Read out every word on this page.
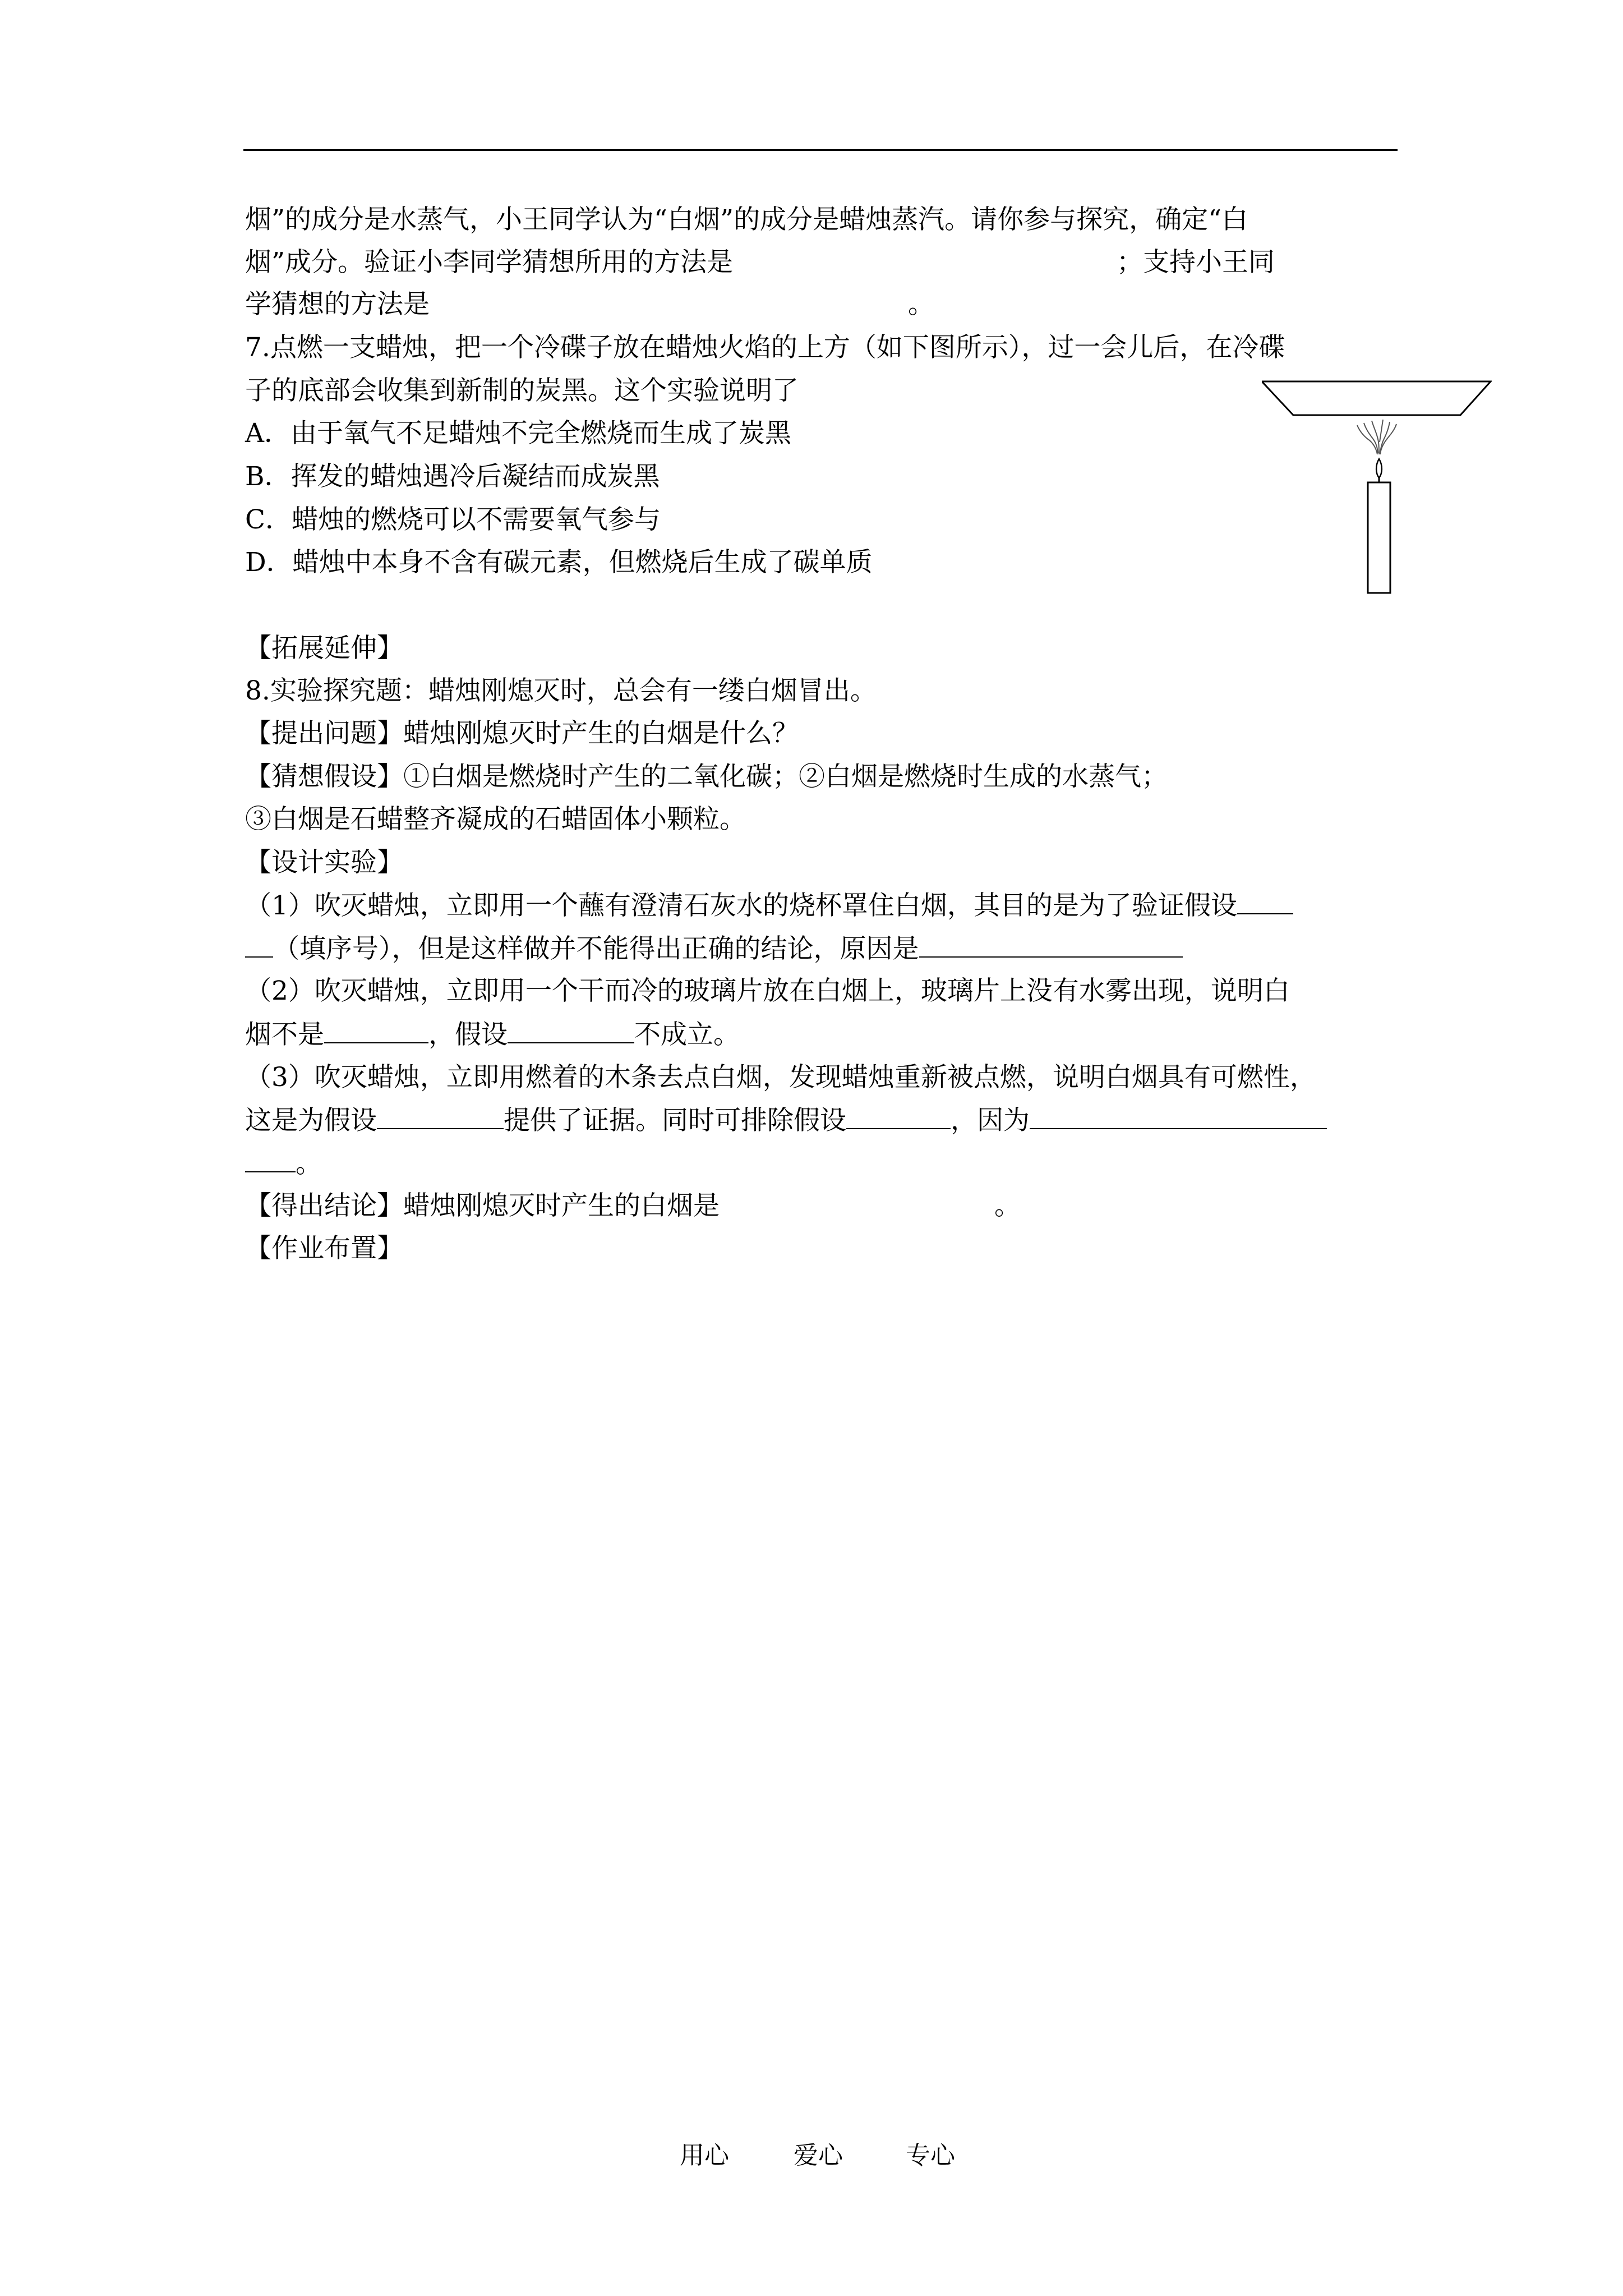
烟”的成分是水蒸气，小王同学认为“白烟”的成分是蜡烛蒸汽。请你参与探究，确定“白
烟”成分。验证小李同学猜想所用的方法是	；支持小王同
学猜想的方法是	。
7.点燃一支蜡烛，把一个冷碟子放在蜡烛火焰的上方（如下图所示），过一会儿后，在冷碟
子的底部会收集到新制的炭黑。这个实验说明了
A．由于氧气不足蜡烛不完全燃烧而生成了炭黑
B．挥发的蜡烛遇冷后凝结而成炭黑
C．蜡烛的燃烧可以不需要氧气参与
D．蜡烛中本身不含有碳元素，但燃烧后生成了碳单质
【拓展延伸】
8.实验探究题：蜡烛刚熄灭时，总会有一缕白烟冒出。
【提出问题】蜡烛刚熄灭时产生的白烟是什么？
【猜想假设】①白烟是燃烧时产生的二氧化碳；②白烟是燃烧时生成的水蒸气；
③白烟是石蜡整齐凝成的石蜡固体小颗粒。
【设计实验】
（1）吹灭蜡烛，立即用一个蘸有澄清石灰水的烧杯罩住白烟，其目的是为了验证假设
（填序号），但是这样做并不能得出正确的结论，原因是
（2）吹灭蜡烛，立即用一个干而冷的玻璃片放在白烟上，玻璃片上没有水雾出现，说明白
烟不是	，假设	不成立。
（3）吹灭蜡烛，立即用燃着的木条去点白烟，发现蜡烛重新被点燃，说明白烟具有可燃性，
这是为假设	提供了证据。同时可排除假设	，因为
。
【得出结论】蜡烛刚熄灭时产生的白烟是	。
【作业布置】
用心	爱心	专心
